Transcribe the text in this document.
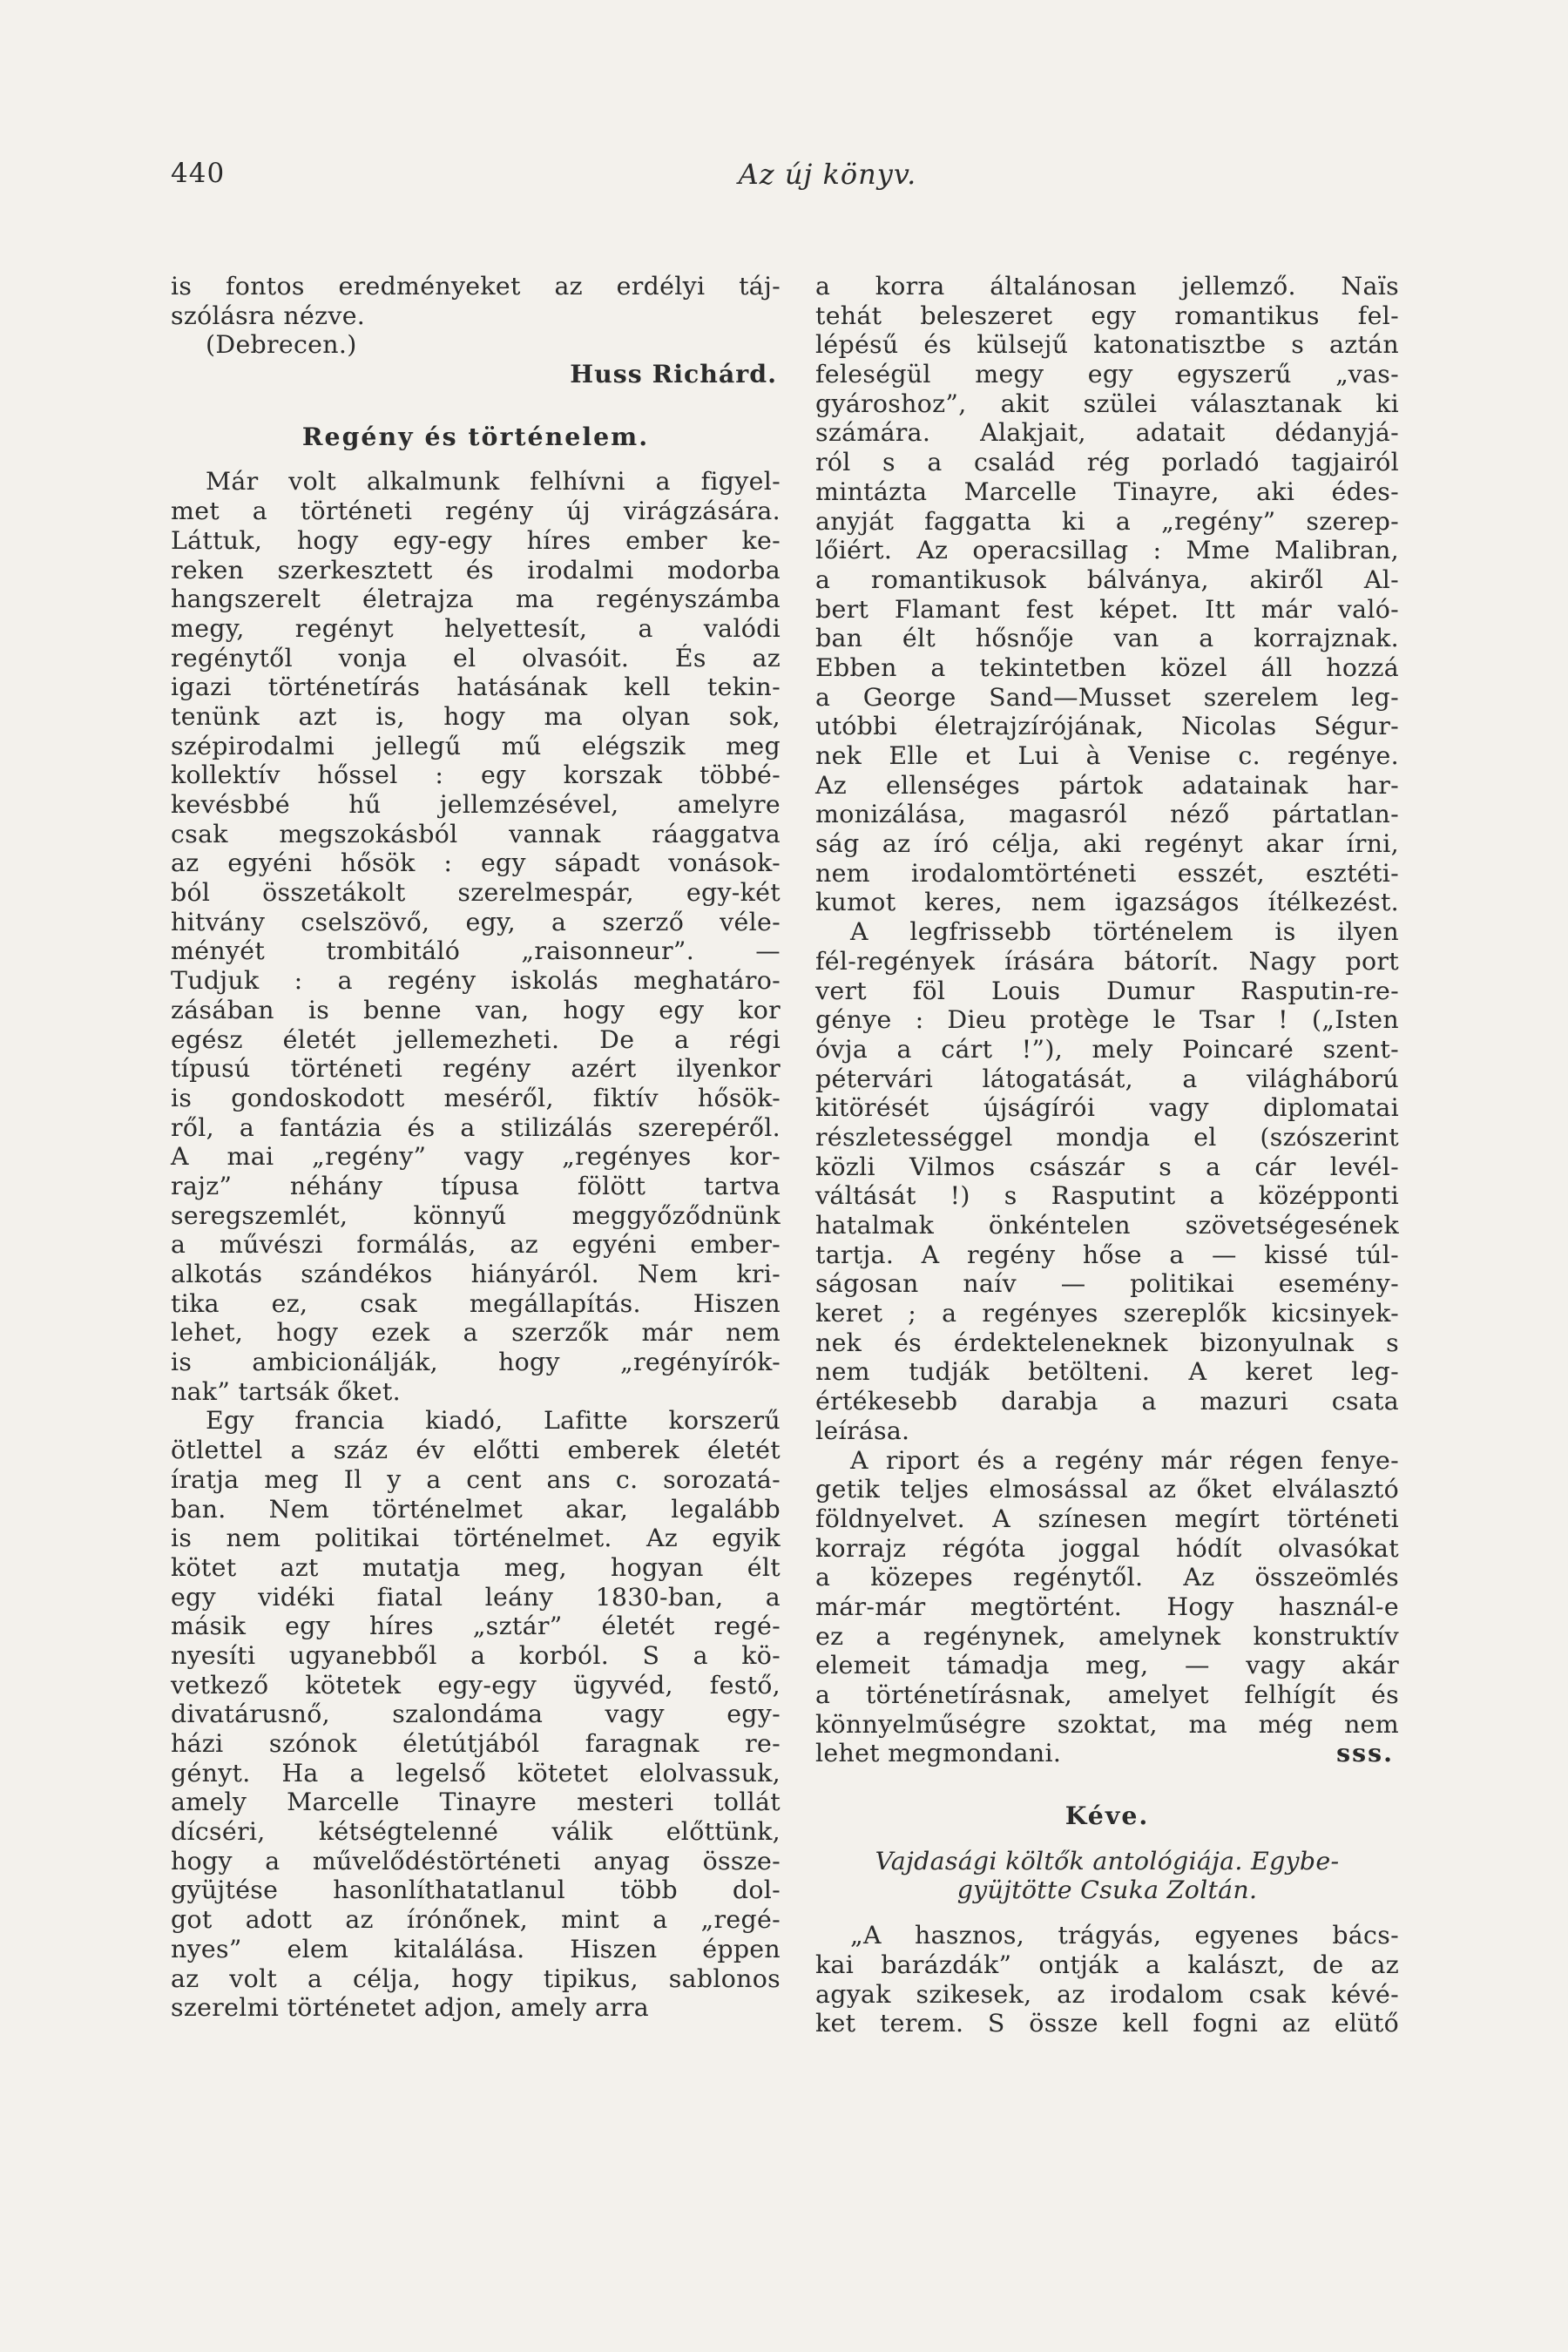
440	Az új könyv.
is fontos eredményeket az erdélyi táj-
szólásra nézve.
(Debrecen.)
Huss Richárd.
Regény és történelem.
Már volt alkalmunk felhívni a figyel-
met a történeti regény új virágzására.
Láttuk, hogy egy-egy híres ember ke-
reken szerkesztett és irodalmi modorba
hangszerelt életrajza ma regényszámba
megy, regényt helyettesít, a valódi
regénytől vonja el olvasóit. És az
igazi történetírás hatásának kell tekin-
tenünk azt is, hogy ma olyan sok,
szépirodalmi jellegű mű elégszik meg
kollektív hőssel : egy korszak többé-
kevésbbé hű jellemzésével, amelyre
csak megszokásból vannak ráaggatva
az egyéni hősök : egy sápadt vonások-
ból összetákolt szerelmespár, egy-két
hitvány cselszövő, egy, a szerző véle-
ményét trombitáló „raisonneur”. —
Tudjuk : a regény iskolás meghatáro-
zásában is benne van, hogy egy kor
egész életét jellemezheti. De a régi
típusú történeti regény azért ilyenkor
is gondoskodott meséről, fiktív hősök-
ről, a fantázia és a stilizálás szerepéről.
A mai „regény” vagy „regényes kor-
rajz” néhány típusa fölött tartva
seregszemlét, könnyű meggyőződnünk
a művészi formálás, az egyéni ember-
alkotás szándékos hiányáról. Nem kri-
tika ez, csak megállapítás. Hiszen
lehet, hogy ezek a szerzők már nem
is ambicionálják, hogy „regényírók-
nak” tartsák őket.
Egy francia kiadó, Lafitte korszerű
ötlettel a száz év előtti emberek életét
íratja meg Il y a cent ans c. sorozatá-
ban. Nem történelmet akar, legalább
is nem politikai történelmet. Az egyik
kötet azt mutatja meg, hogyan élt
egy vidéki fiatal leány 1830-ban, a
másik egy híres „sztár” életét regé-
nyesíti ugyanebből a korból. S a kö-
vetkező kötetek egy-egy ügyvéd, festő,
divatárusnő, szalondáma vagy egy-
házi szónok életútjából faragnak re-
gényt. Ha a legelső kötetet elolvassuk,
amely Marcelle Tinayre mesteri tollát
dícséri, kétségtelenné válik előttünk,
hogy a művelődéstörténeti anyag össze-
gyüjtése hasonlíthatatlanul több dol-
got adott az írónőnek, mint a „regé-
nyes” elem kitalálása. Hiszen éppen
az volt a célja, hogy tipikus, sablonos
szerelmi történetet adjon, amely arra
a korra általánosan jellemző. Naïs
tehát beleszeret egy romantikus fel-
lépésű és külsejű katonatisztbe s aztán
feleségül megy egy egyszerű „vas-
gyároshoz”, akit szülei választanak ki
számára. Alakjait, adatait dédanyjá-
ról s a család rég porladó tagjairól
mintázta Marcelle Tinayre, aki édes-
anyját faggatta ki a „regény” szerep-
lőiért. Az operacsillag : Mme Malibran,
a romantikusok bálványa, akiről Al-
bert Flamant fest képet. Itt már való-
ban élt hősnője van a korrajznak.
Ebben a tekintetben közel áll hozzá
a George Sand—Musset szerelem leg-
utóbbi életrajzírójának, Nicolas Ségur-
nek Elle et Lui à Venise c. regénye.
Az ellenséges pártok adatainak har-
monizálása, magasról néző pártatlan-
ság az író célja, aki regényt akar írni,
nem irodalomtörténeti esszét, esztéti-
kumot keres, nem igazságos ítélkezést.
A legfrissebb történelem is ilyen
fél-regények írására bátorít. Nagy port
vert föl Louis Dumur Rasputin-re-
génye : Dieu protège le Tsar ! („Isten
óvja a cárt !”), mely Poincaré szent-
pétervári látogatását, a világháború
kitörését újságírói vagy diplomatai
részletességgel mondja el (szószerint
közli Vilmos császár s a cár levél-
váltását !) s Rasputint a középponti
hatalmak önkéntelen szövetségesének
tartja. A regény hőse a — kissé túl-
ságosan naív — politikai esemény-
keret ; a regényes szereplők kicsinyek-
nek és érdekteleneknek bizonyulnak s
nem tudják betölteni. A keret leg-
értékesebb darabja a mazuri csata
leírása.
A riport és a regény már régen fenye-
getik teljes elmosással az őket elválasztó
földnyelvet. A színesen megírt történeti
korrajz régóta joggal hódít olvasókat
a közepes regénytől. Az összeömlés
már-már megtörtént. Hogy használ-e
ez a regénynek, amelynek konstruktív
elemeit támadja meg, — vagy akár
a történetírásnak, amelyet felhígít és
könnyelműségre szoktat, ma még nem
lehet megmondani.	sss.
Kéve.
Vajdasági költők antológiája. Egybe-
gyüjtötte Csuka Zoltán.
„A hasznos, trágyás, egyenes bács-
kai barázdák” ontják a kalászt, de az
agyak szikesek, az irodalom csak kévé-
ket terem. S össze kell fogni az elütő
